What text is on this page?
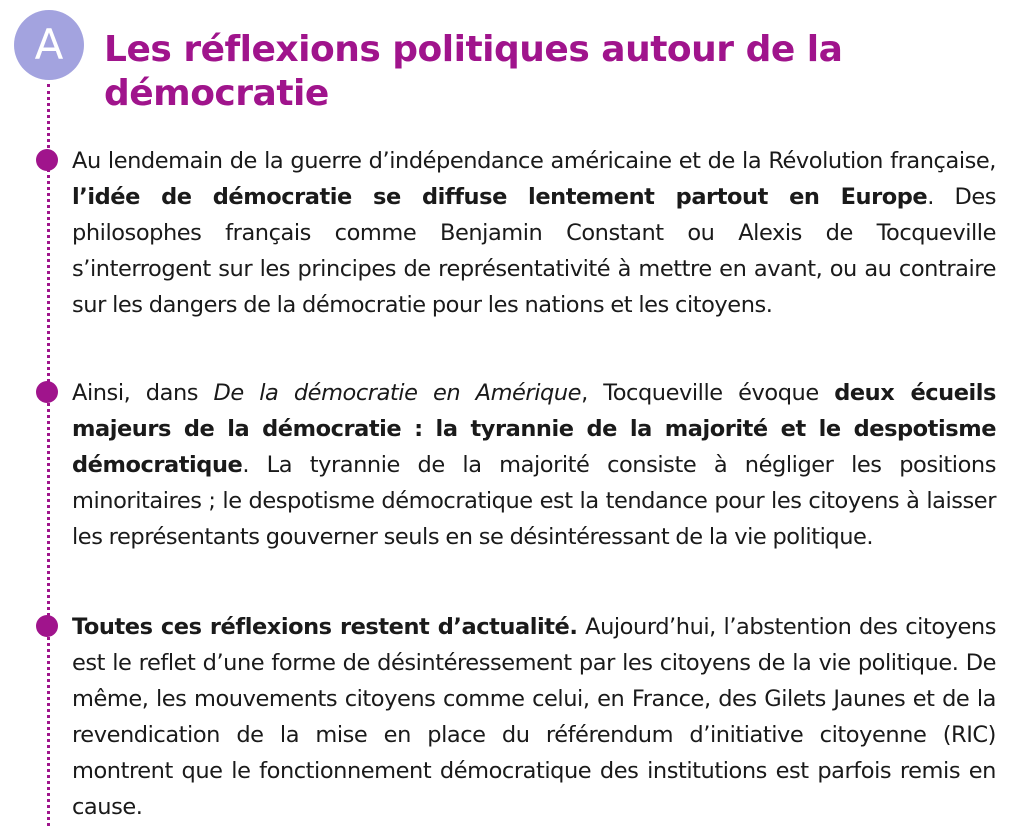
A Les réflexions politiques autour de la démocratie

Au lendemain de la guerre d’indépendance américaine et de la Révolution française, l’idée de démocratie se diffuse lentement partout en Europe. Des philosophes français comme Benjamin Constant ou Alexis de Tocqueville s’interrogent sur les principes de représentativité à mettre en avant, ou au contraire sur les dangers de la démocratie pour les nations et les citoyens.

Ainsi, dans De la démocratie en Amérique, Tocqueville évoque deux écueils majeurs de la démocratie : la tyrannie de la majorité et le despotisme démocratique. La tyrannie de la majorité consiste à négliger les positions minoritaires ; le despotisme démocratique est la tendance pour les citoyens à laisser les représentants gouverner seuls en se désintéressant de la vie politique.

Toutes ces réflexions restent d’actualité. Aujourd’hui, l’abstention des citoyens est le reflet d’une forme de désintéressement par les citoyens de la vie politique. De même, les mouvements citoyens comme celui, en France, des Gilets Jaunes et de la revendication de la mise en place du référendum d’initiative citoyenne (RIC) montrent que le fonctionnement démocratique des institutions est parfois remis en cause.
